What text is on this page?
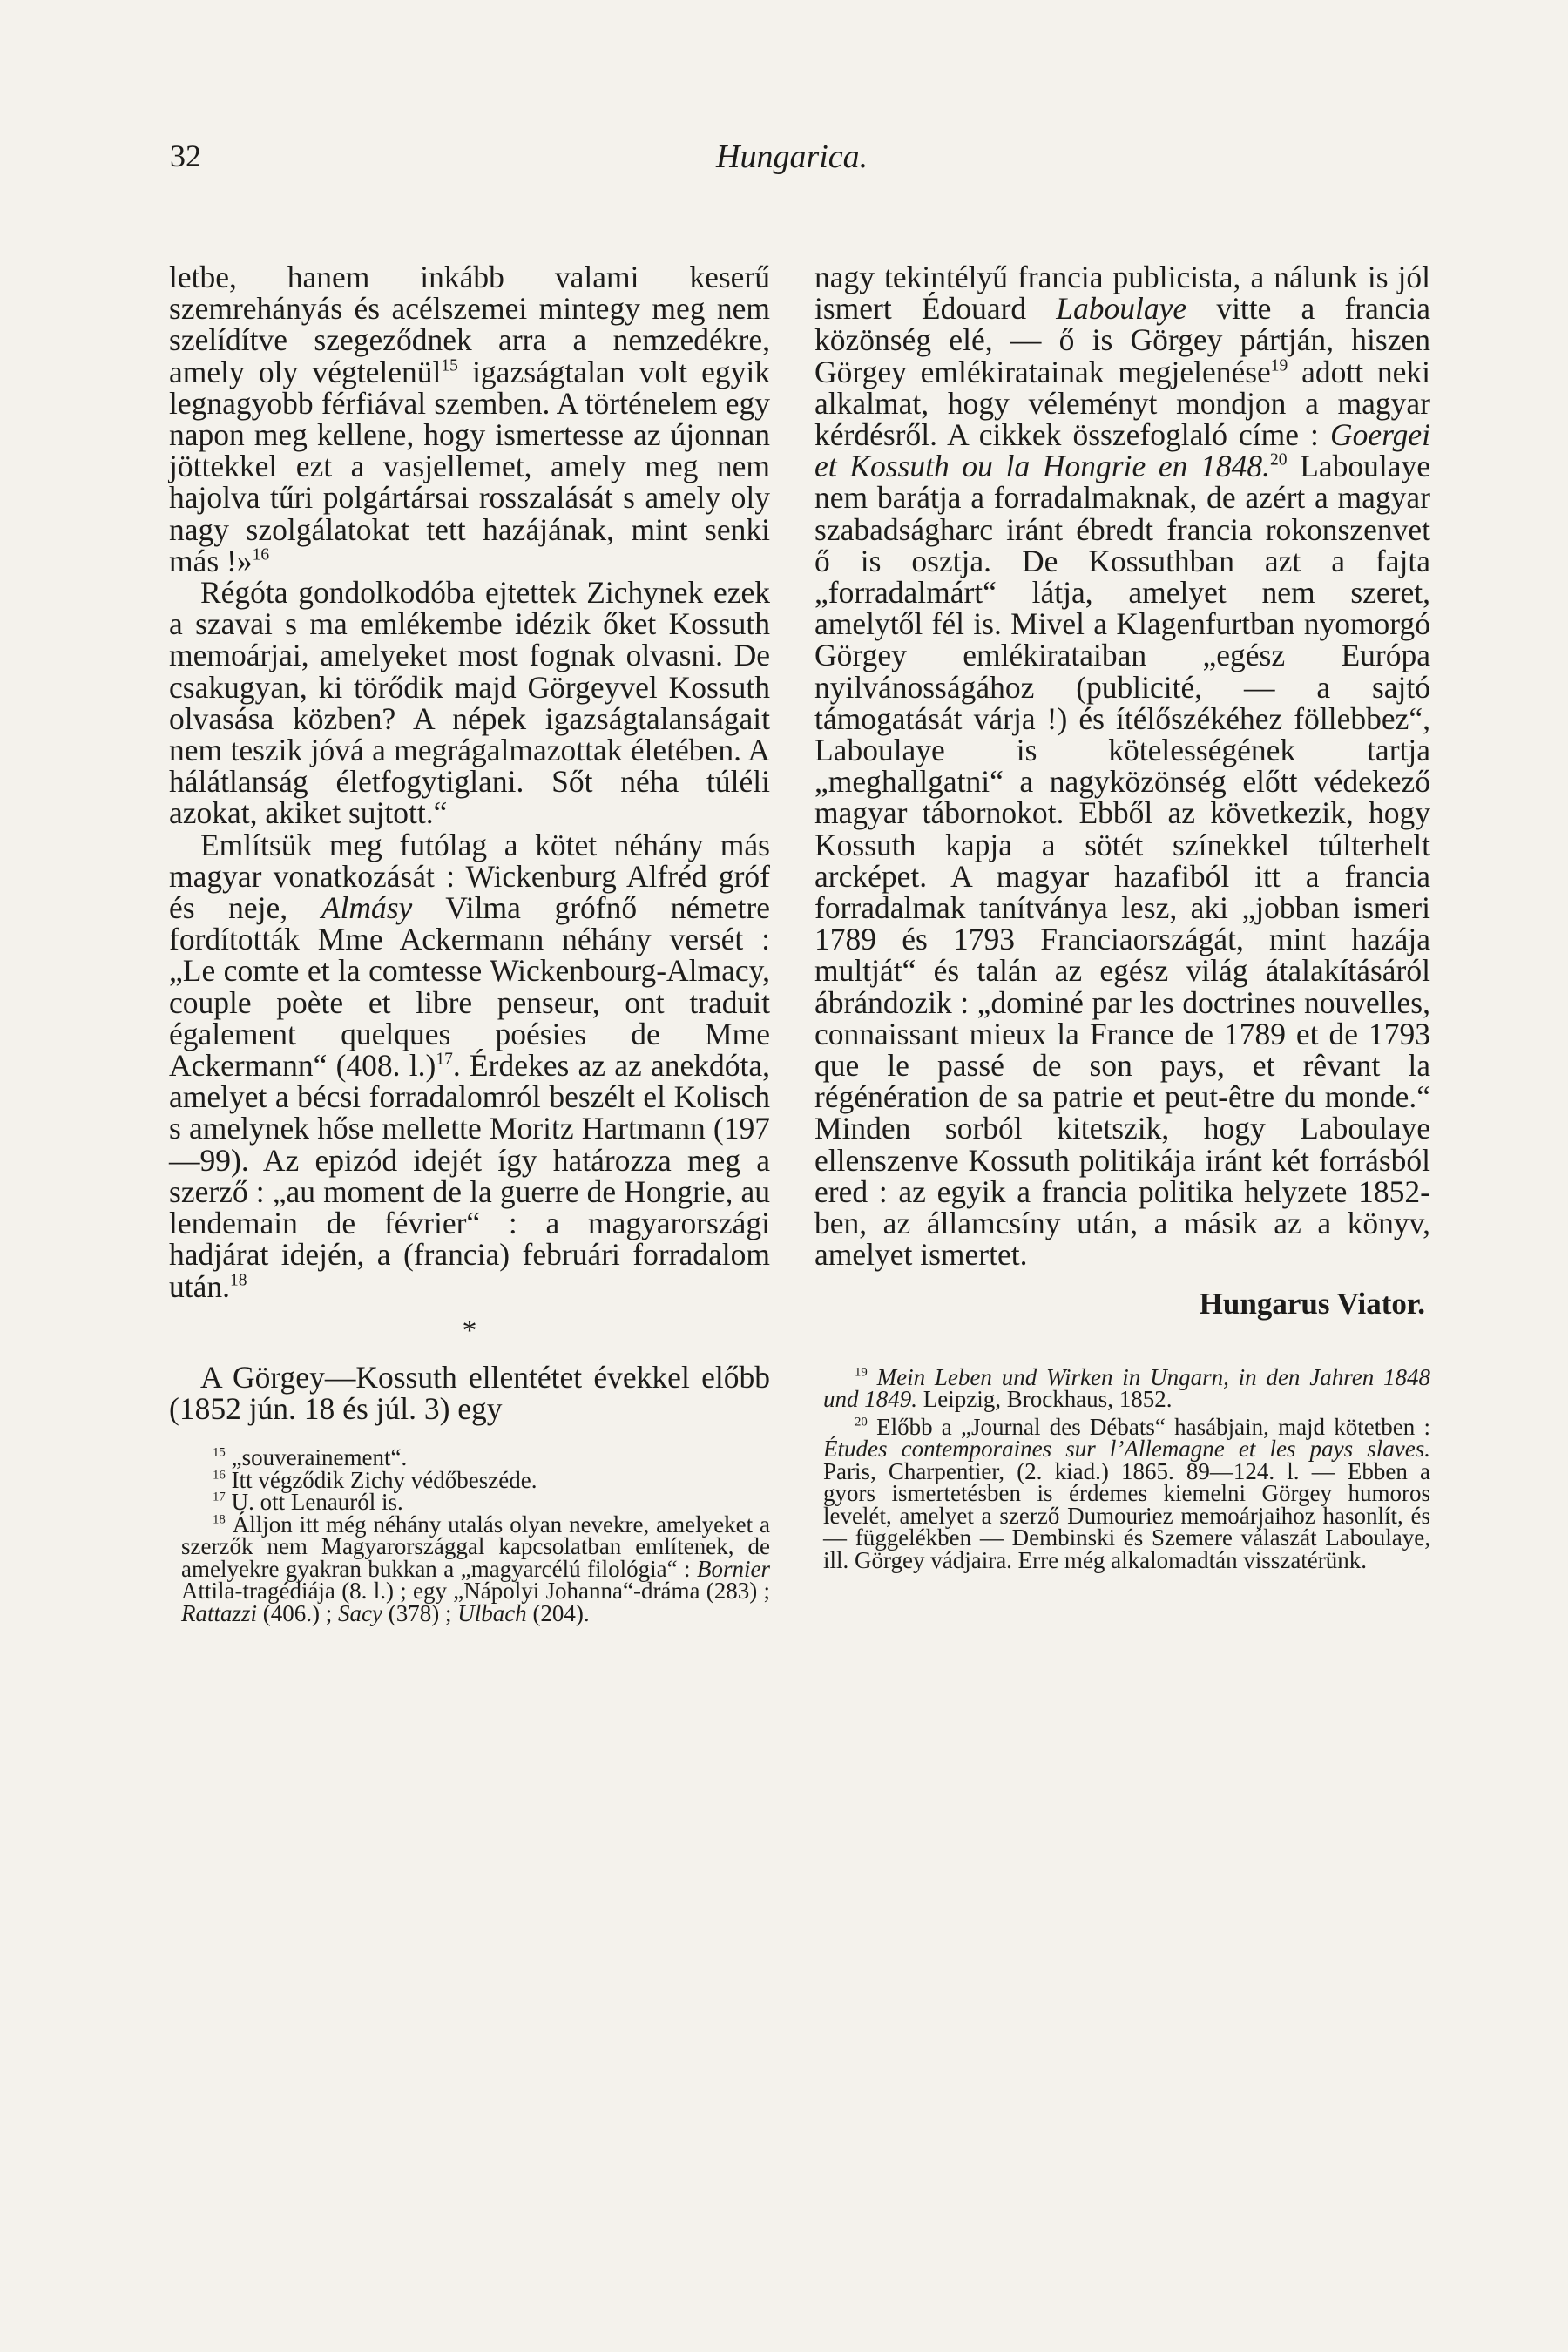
32	Hungarica.

letbe, hanem inkább valami keserű szemrehányás és acélszemei mintegy meg nem szelídítve szegeződnek arra a nemzedékre, amely oly végtelenül$^{15}$ igazságtalan volt egyik legnagyobb férfiával szemben. A történelem egy napon meg kellene, hogy ismertesse az újonnan jöttekkel ezt a vasjellemet, amely meg nem hajolva tűri polgártársai rosszalását s amely oly nagy szolgálatokat tett hazájának, mint senki más !»$^{16}$

Régóta gondolkodóba ejtettek Zichynek ezek a szavai s ma emlékembe idézik őket Kossuth memoárjai, amelyeket most fognak olvasni. De csakugyan, ki törődik majd Görgeyvel Kossuth olvasása közben? A népek igazságtalanságait nem teszik jóvá a megrágalmazottak életében. A hálátlanság életfogytiglani. Sőt néha túléli azokat, akiket sujtott.“

Említsük meg futólag a kötet néhány más magyar vonatkozását : Wickenburg Alfréd gróf és neje, Almásy Vilma grófnő németre fordították Mme Ackermann néhány versét : „Le comte et la comtesse Wickenbourg-Almacy, couple poète et libre penseur, ont traduit également quelques poésies de Mme Ackermann“ (408. l.)$^{17}$. Érdekes az az anekdóta, amelyet a bécsi forradalomról beszélt el Kolisch s amelynek hőse mellette Moritz Hartmann (197—99). Az epizód idejét így határozza meg a szerző : „au moment de la guerre de Hongrie, au lendemain de février“ : a magyarországi hadjárat idején, a (francia) februári forradalom után.$^{18}$

*

A Görgey—Kossuth ellentétet évekkel előbb (1852 jún. 18 és júl. 3) egy

$^{15}$ „souverainement“.

$^{16}$ Itt végződik Zichy védőbeszéde.

$^{17}$ U. ott Lenauról is.

$^{18}$ Álljon itt még néhány utalás olyan nevekre, amelyeket a szerzők nem Magyarországgal kapcsolatban említenek, de amelyekre gyakran bukkan a „magyarcélú filológia“ : Bornier Attila-tragédiája (8. l.) ; egy „Nápolyi Johanna“-dráma (283) ; Rattazzi (406.) ; Sacy (378) ; Ulbach (204).

nagy tekintélyű francia publicista, a nálunk is jól ismert Édouard Laboulaye vitte a francia közönség elé, — ő is Görgey pártján, hiszen Görgey emlékiratainak megjelenése$^{19}$ adott neki alkalmat, hogy véleményt mondjon a magyar kérdésről. A cikkek összefoglaló címe : Goergei et Kossuth ou la Hongrie en 1848.20 Laboulaye nem barátja a forradalmaknak, de azért a magyar szabadságharc iránt ébredt francia rokonszenvet ő is osztja. De Kossuthban azt a fajta „forradalmárt“ látja, amelyet nem szeret, amelytől fél is. Mivel a Klagenfurtban nyomorgó Görgey emlékirataiban „egész Európa nyilvánosságához (publicité, — a sajtó támogatását várja !) és ítélőszékéhez föllebbez“, Laboulaye is kötelességének tartja „meghallgatni“ a nagyközönség előtt védekező magyar tábornokot. Ebből az következik, hogy Kossuth kapja a sötét színekkel túlterhelt arcképet. A magyar hazafiból itt a francia forradalmak tanítványa lesz, aki „jobban ismeri 1789 és 1793 Franciaországát, mint hazája multját“ és talán az egész világ átalakításáról ábrándozik : „dominé par les doctrines nouvelles, connaissant mieux la France de 1789 et de 1793 que le passé de son pays, et rêvant la régénération de sa patrie et peut-être du monde.“ Minden sorból kitetszik, hogy Laboulaye ellenszenve Kossuth politikája iránt két forrásból ered : az egyik a francia politika helyzete 1852-ben, az államcsíny után, a másik az a könyv, amelyet ismertet.

Hungarus Viator.

$^{19}$ Mein Leben und Wirken in Ungarn, in den Jahren 1848 und 1849. Leipzig, Brockhaus, 1852.

$^{20}$ Előbb a „Journal des Débats“ hasábjain, majd kötetben : Études contemporaines sur l’Allemagne et les pays slaves. Paris, Charpentier, (2. kiad.) 1865. 89—124. l. — Ebben a gyors ismertetésben is érdemes kiemelni Görgey humoros levelét, amelyet a szerző Dumouriez memoárjaihoz hasonlít, és — függelékben — Dembinski és Szemere válaszát Laboulaye, ill. Görgey vádjaira. Erre még alkalomadtán visszatérünk.
